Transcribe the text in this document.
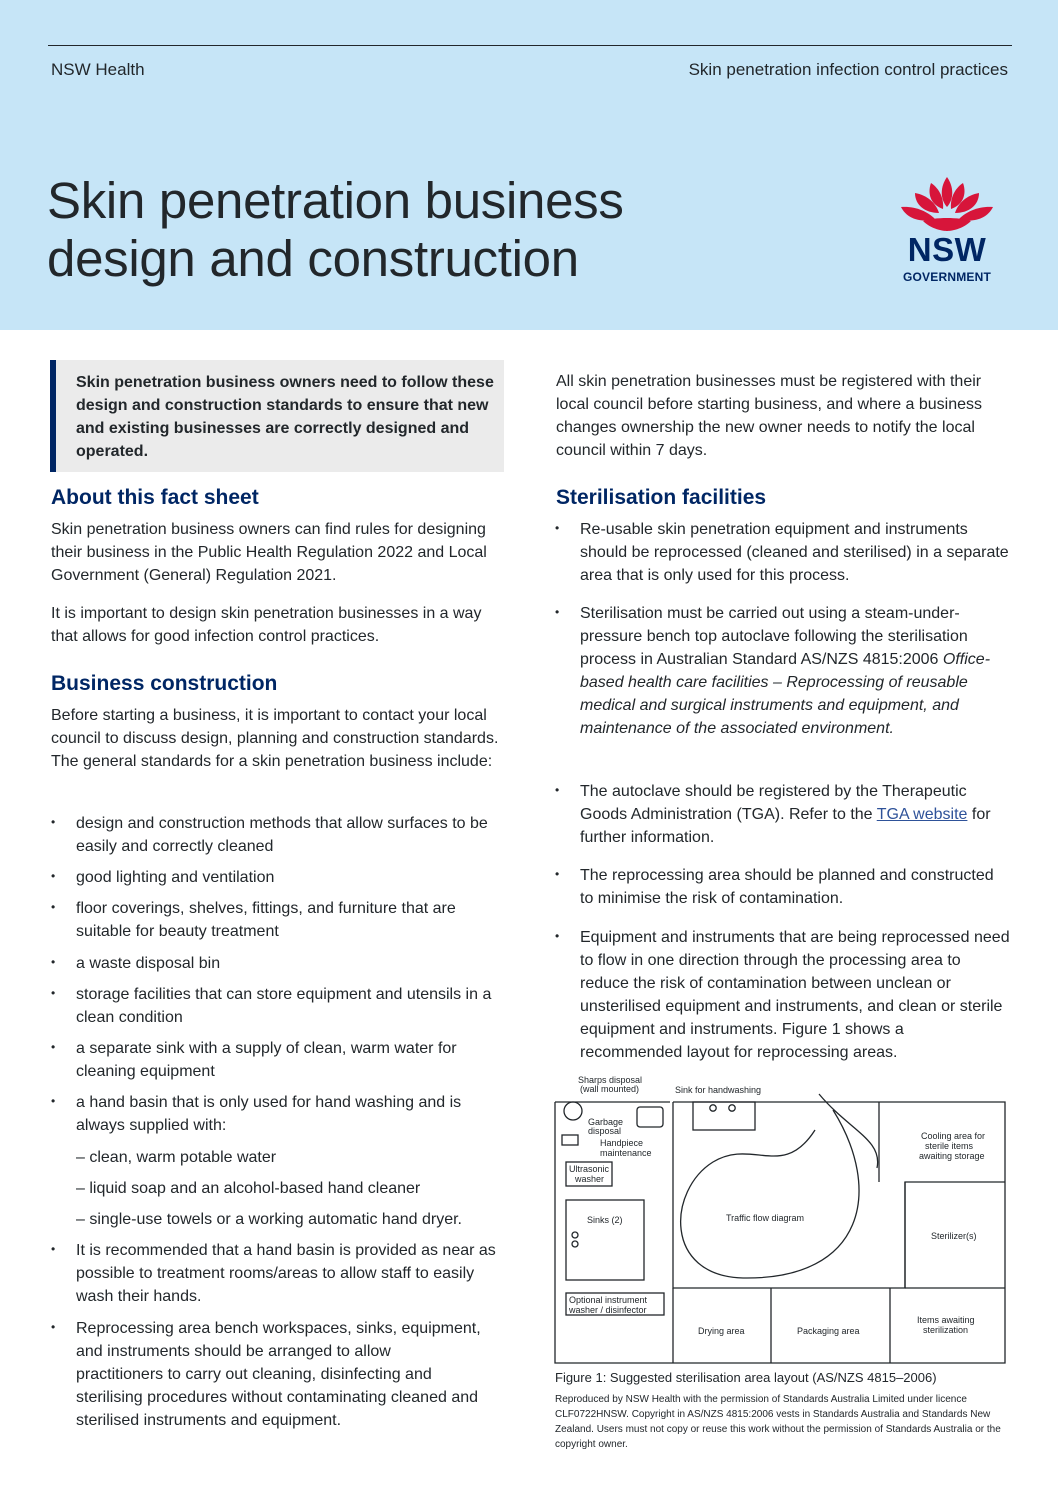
NSW Health	Skin penetration infection control practices
Skin penetration business
design and construction	NSW
GOVERNMENT
Skin penetration business owners need to follow these design and construction standards to ensure that new and existing businesses are correctly designed and operated.
About this fact sheet
Skin penetration business owners can find rules for designing their business in the Public Health Regulation 2022 and Local Government (General) Regulation 2021.
It is important to design skin penetration businesses in a way that allows for good infection control practices.
Business construction
Before starting a business, it is important to contact your local council to discuss design, planning and construction standards. The general standards for a skin penetration business include:
• design and construction methods that allow surfaces to be easily and correctly cleaned
• good lighting and ventilation
• floor coverings, shelves, fittings, and furniture that are suitable for beauty treatment
• a waste disposal bin
• storage facilities that can store equipment and utensils in a clean condition
• a separate sink with a supply of clean, warm water for cleaning equipment
• a hand basin that is only used for hand washing and is always supplied with:
– clean, warm potable water
– liquid soap and an alcohol-based hand cleaner
– single-use towels or a working automatic hand dryer.
• It is recommended that a hand basin is provided as near as possible to treatment rooms/areas to allow staff to easily wash their hands.
• Reprocessing area bench workspaces, sinks, equipment, and instruments should be arranged to allow practitioners to carry out cleaning, disinfecting and sterilising procedures without contaminating cleaned and sterilised instruments and equipment.
All skin penetration businesses must be registered with their local council before starting business, and where a business changes ownership the new owner needs to notify the local council within 7 days.
Sterilisation facilities
• Re-usable skin penetration equipment and instruments should be reprocessed (cleaned and sterilised) in a separate area that is only used for this process.
• Sterilisation must be carried out using a steam-under-pressure bench top autoclave following the sterilisation process in Australian Standard AS/NZS 4815:2006 Office-based health care facilities – Reprocessing of reusable medical and surgical instruments and equipment, and maintenance of the associated environment.
• The autoclave should be registered by the Therapeutic Goods Administration (TGA). Refer to the TGA website for further information.
• The reprocessing area should be planned and constructed to minimise the risk of contamination.
• Equipment and instruments that are being reprocessed need to flow in one direction through the processing area to reduce the risk of contamination between unclean or unsterilised equipment and instruments, and clean or sterile equipment and instruments. Figure 1 shows a recommended layout for reprocessing areas.
Sharps disposal
(wall mounted)	Sink for handwashing
Garbage
disposal
Handpiece
maintenance
Ultrasonic
washer
Sinks (2)	Traffic flow diagram
Cooling area for
sterile items
awaiting storage
Sterilizer(s)
Optional instrument
washer / disinfector
Drying area	Packaging area
Items awaiting
sterilization
Figure 1: Suggested sterilisation area layout (AS/NZS 4815–2006)
Reproduced by NSW Health with the permission of Standards Australia Limited under licence CLF0722HNSW. Copyright in AS/NZS 4815:2006 vests in Standards Australia and Standards New Zealand. Users must not copy or reuse this work without the permission of Standards Australia or the copyright owner.
